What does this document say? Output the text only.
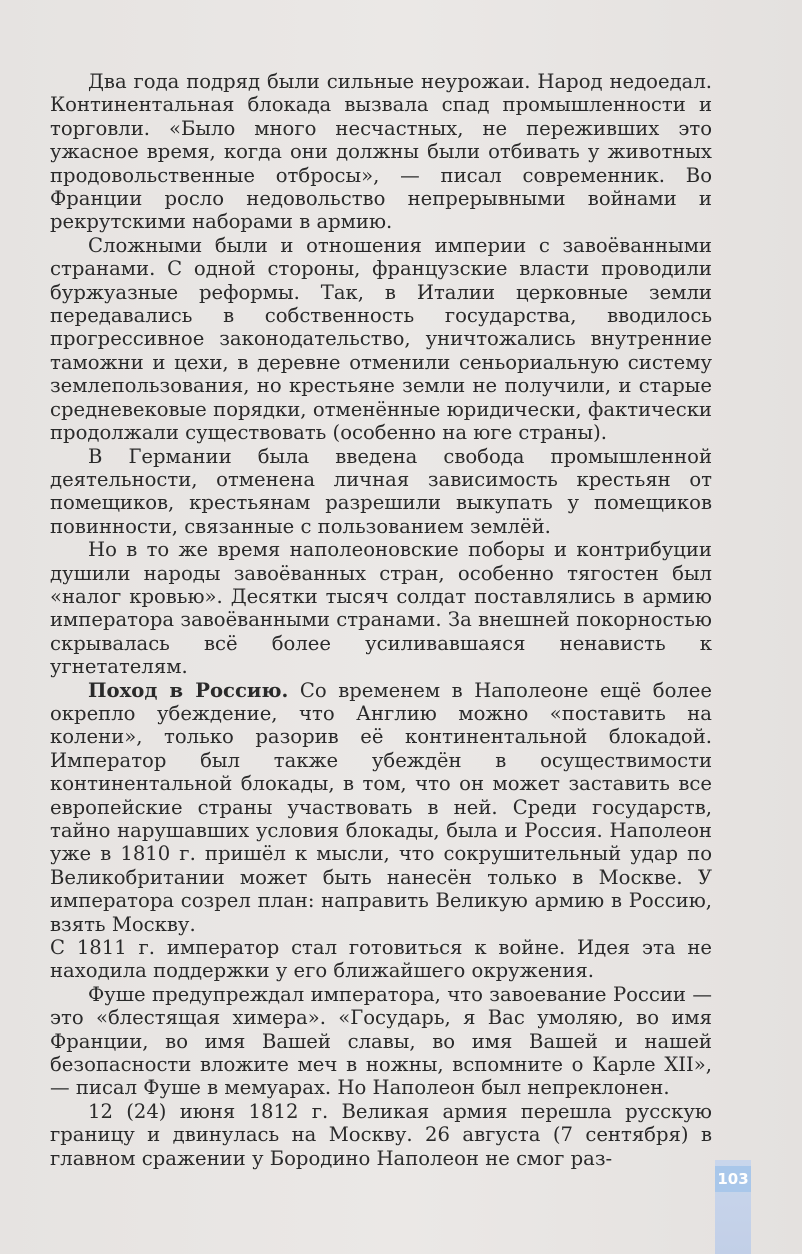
Два года подряд были сильные неурожаи. Народ недоедал. Континентальная блокада вызвала спад промышленности и торговли. «Было много несчастных, не переживших это ужасное время, когда они должны были отбивать у животных продовольственные отбросы», — писал современник. Во Франции росло недовольство непрерывными войнами и рекрутскими наборами в армию.

Сложными были и отношения империи с завоёванными странами. С одной стороны, французские власти проводили буржуазные реформы. Так, в Италии церковные земли передавались в собственность государства, вводилось прогрессивное законодательство, уничтожались внутренние таможни и цехи, в деревне отменили сеньориальную систему землепользования, но крестьяне земли не получили, и старые средневековые порядки, отменённые юридически, фактически продолжали существовать (особенно на юге страны).

В Германии была введена свобода промышленной деятельности, отменена личная зависимость крестьян от помещиков, крестьянам разрешили выкупать у помещиков повинности, связанные с пользованием землёй.

Но в то же время наполеоновские поборы и контрибуции душили народы завоёванных стран, особенно тягостен был «налог кровью». Десятки тысяч солдат поставлялись в армию императора завоёванными странами. За внешней покорностью скрывалась всё более усиливавшаяся ненависть к угнетателям.

Поход в Россию. Со временем в Наполеоне ещё более окрепло убеждение, что Англию можно «поставить на колени», только разорив её континентальной блокадой. Император был также убеждён в осуществимости континентальной блокады, в том, что он может заставить все европейские страны участвовать в ней. Среди государств, тайно нарушавших условия блокады, была и Россия. Наполеон уже в 1810 г. пришёл к мысли, что сокрушительный удар по Великобритании может быть нанесён только в Москве. У императора созрел план: направить Великую армию в Россию, взять Москву.

С 1811 г. император стал готовиться к войне. Идея эта не находила поддержки у его ближайшего окружения.

Фуше предупреждал императора, что завоевание России — это «блестящая химера». «Государь, я Вас умоляю, во имя Франции, во имя Вашей славы, во имя Вашей и нашей безопасности вложите меч в ножны, вспомните о Карле XII», — писал Фуше в мемуарах. Но Наполеон был непреклонен.

12 (24) июня 1812 г. Великая армия перешла русскую границу и двинулась на Москву. 26 августа (7 сентября) в главном сражении у Бородино Наполеон не смог раз-

103
